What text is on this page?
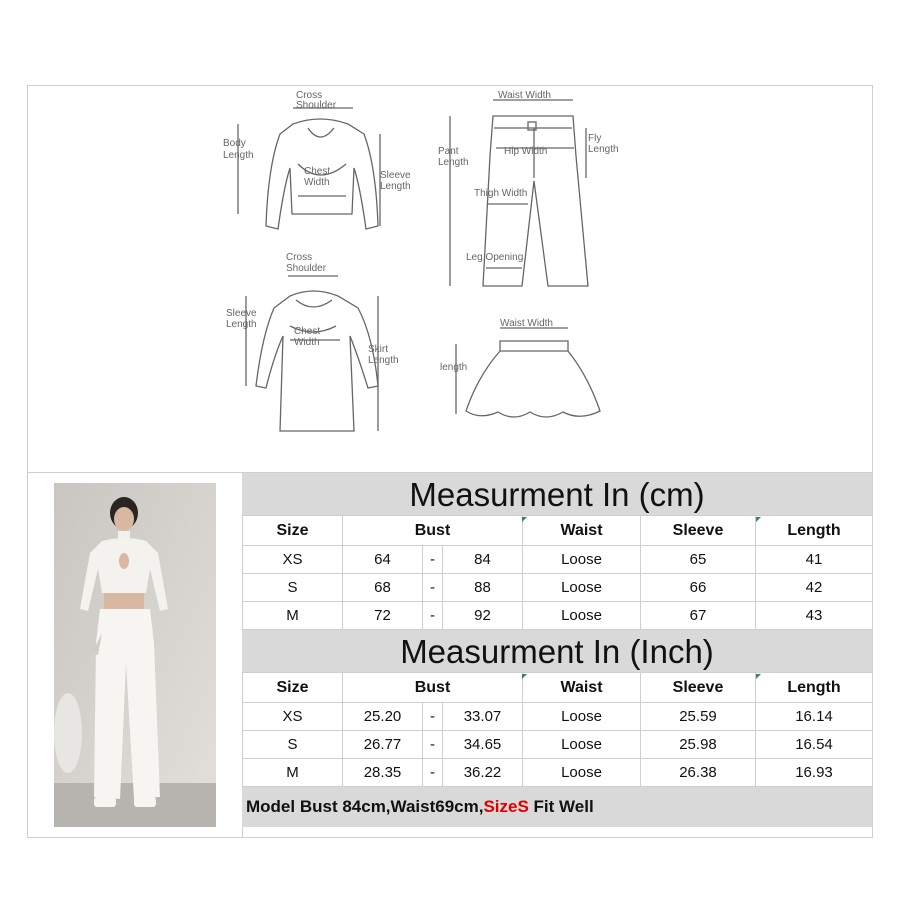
Cross
Shoulder
Body
Length
Chest
Width
Sleeve
Length
Waist Width
Pant
Length
Hip Width
Fly
Length
Thigh Width
Leg Opening
Cross
Shoulder
Sleeve
Length
Chest
Width
Skirt
Length
Waist Width
length
Measurment In (cm)
Size	Bust			Waist	Sleeve	Length
XS	64	-	84	Loose	65	41
S	68	-	88	Loose	66	42
M	72	-	92	Loose	67	43
Measurment In (Inch)
Size	Bust			Waist	Sleeve	Length
XS	25.20	-	33.07	Loose	25.59	16.14
S	26.77	-	34.65	Loose	25.98	16.54
M	28.35	-	36.22	Loose	26.38	16.93
Model Bust 84cm,Waist69cm,SizeS Fit Well
